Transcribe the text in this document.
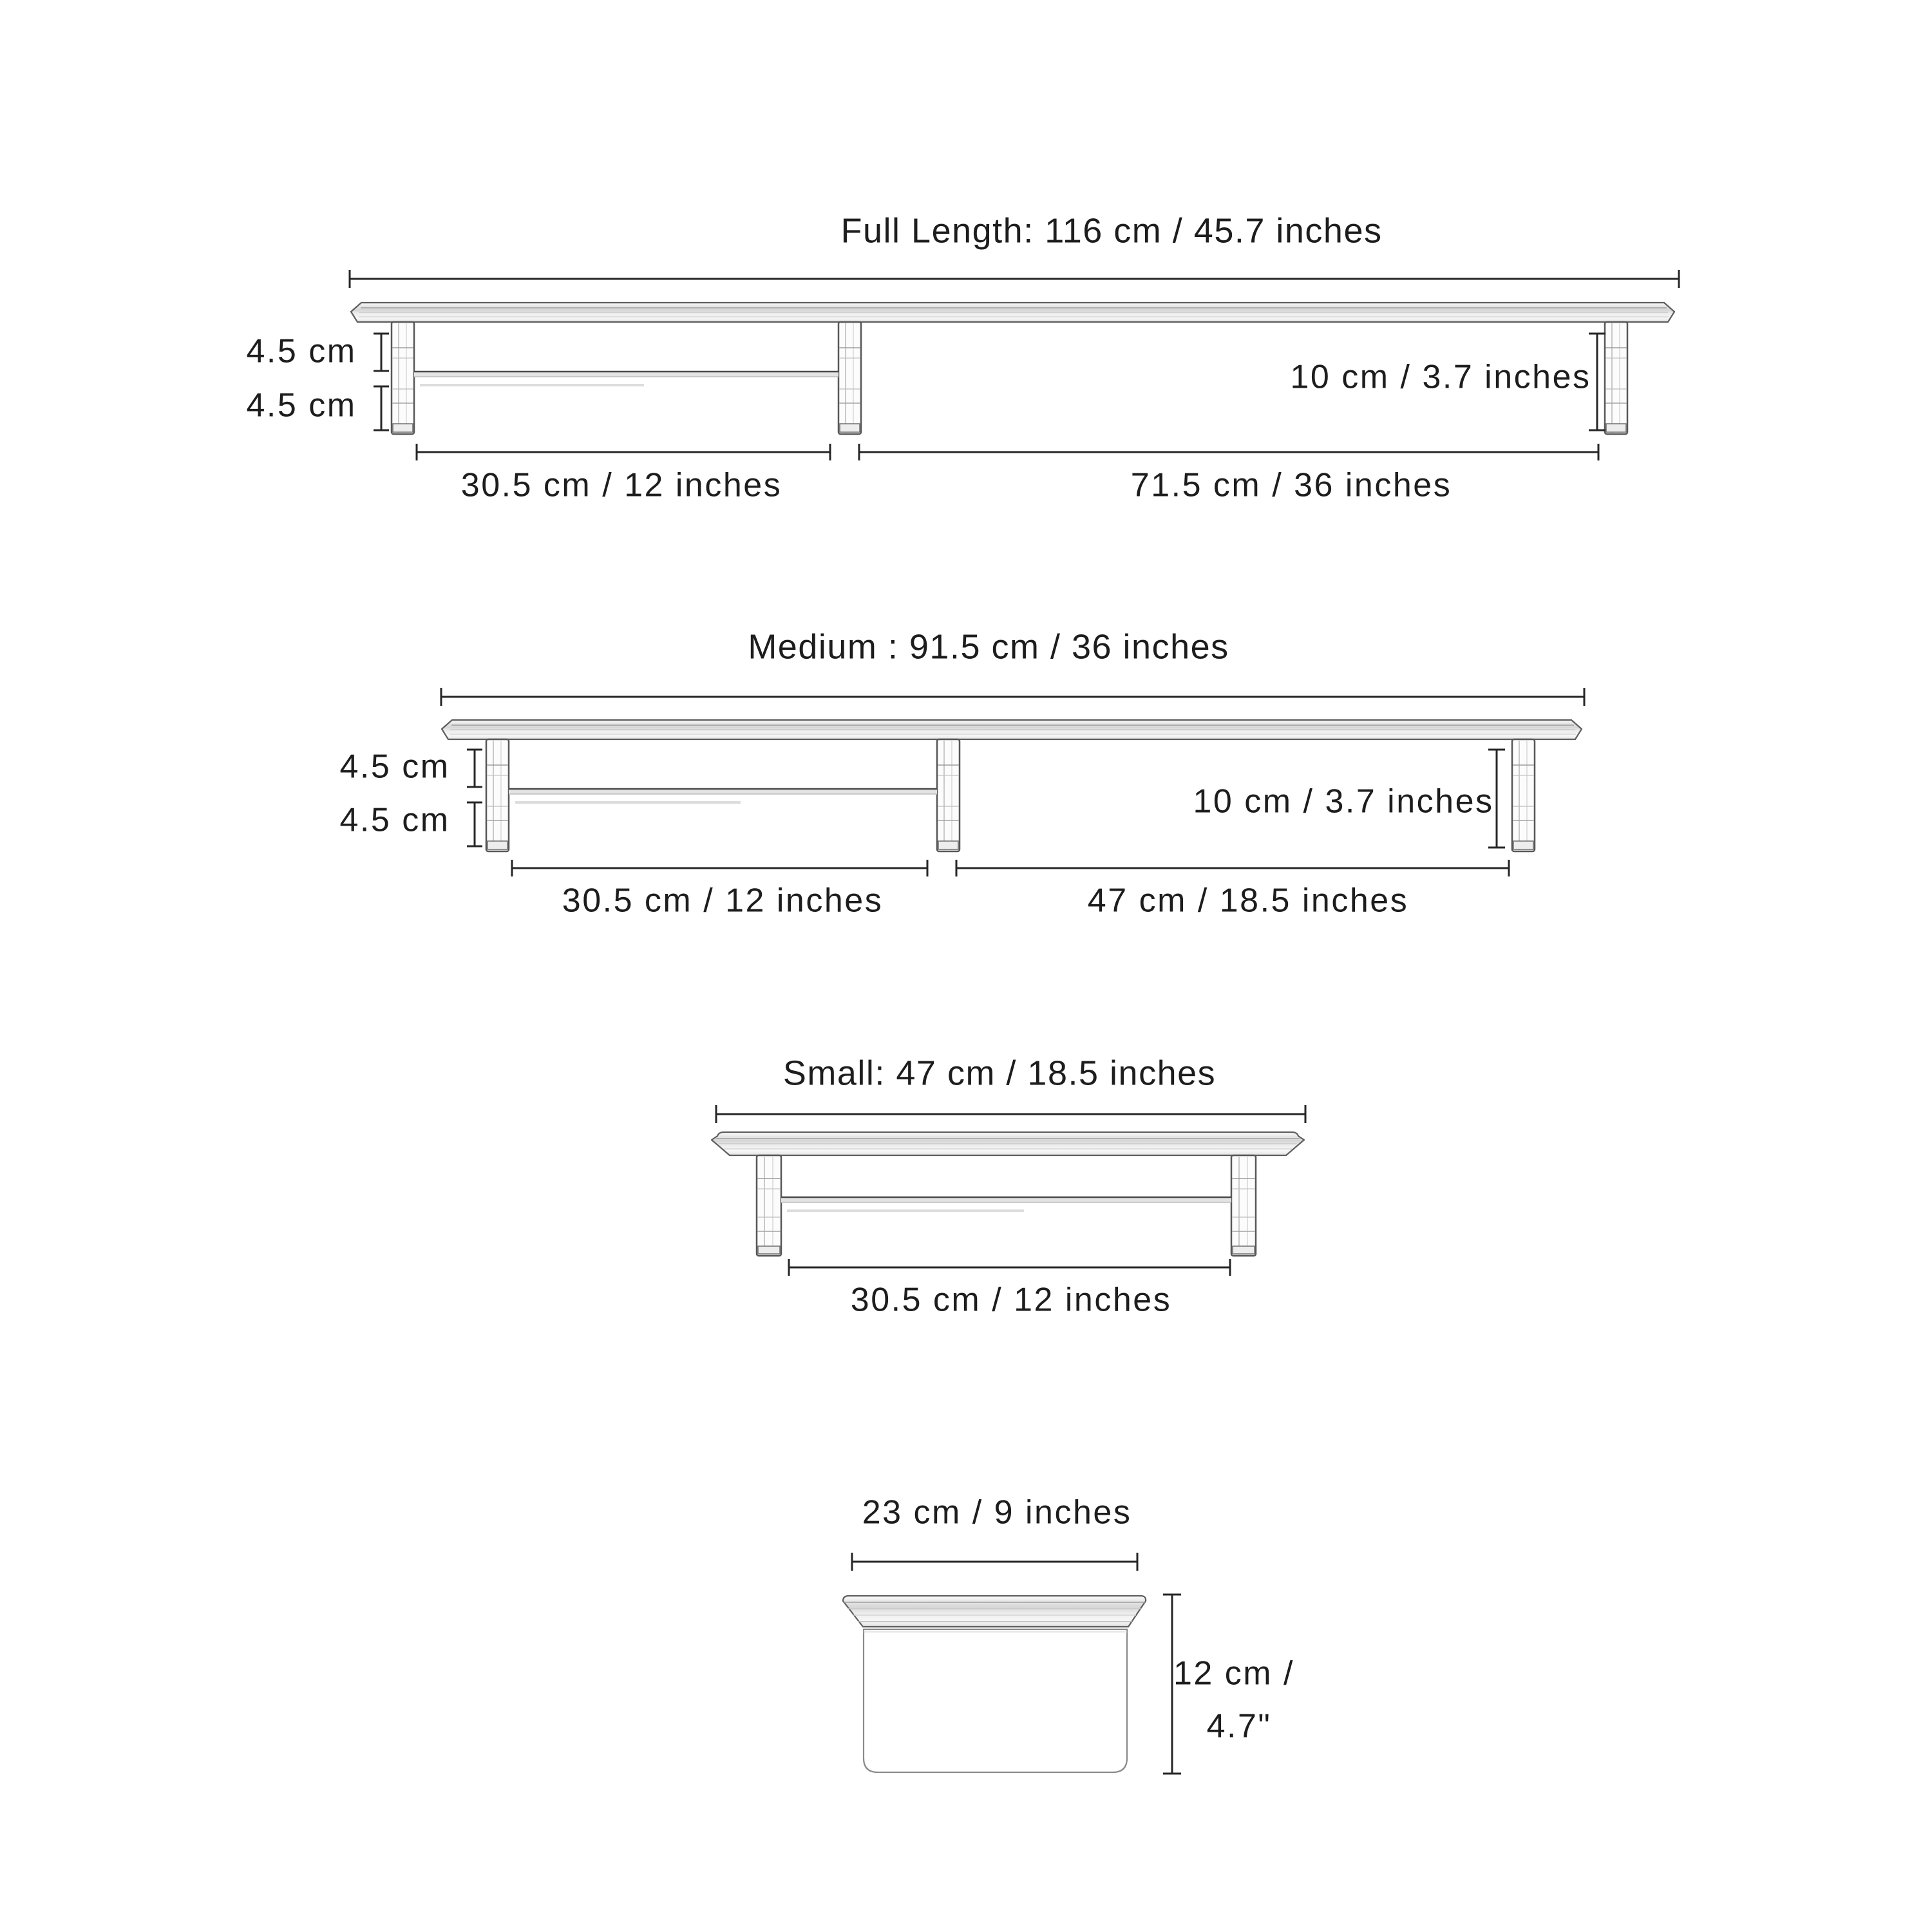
Full Length: 116 cm / 45.7 inches
4.5 cm
4.5 cm
10 cm / 3.7 inches
30.5 cm / 12 inches	71.5 cm / 36 inches
Medium : 91.5 cm / 36 inches
4.5 cm
4.5 cm	10 cm / 3.7 inches
30.5 cm / 12 inches	47 cm / 18.5 inches
Small: 47 cm / 18.5 inches
30.5 cm / 12 inches
23 cm / 9 inches
12 cm /
4.7"
